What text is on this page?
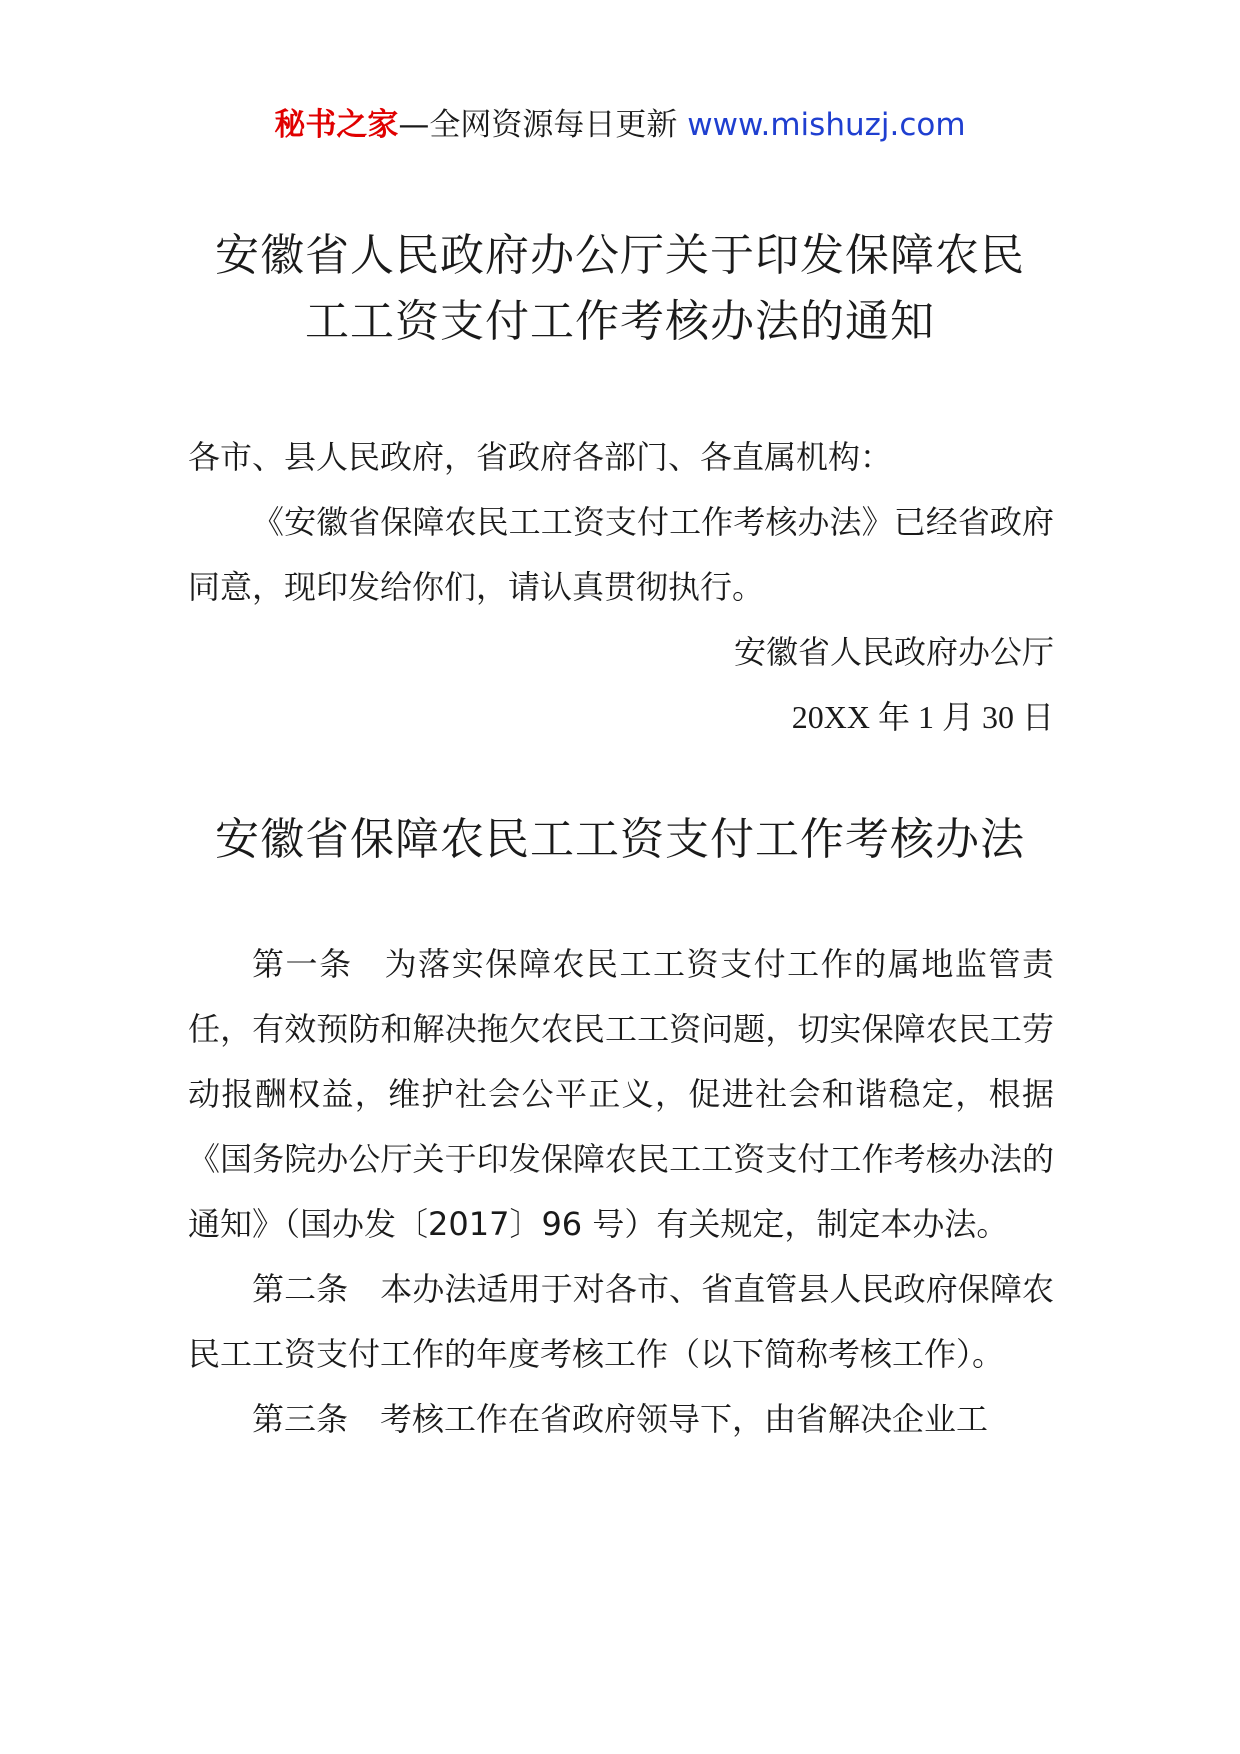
秘书之家—全网资源每日更新 www.mishuzj.com
安徽省人民政府办公厅关于印发保障农民
工工资支付工作考核办法的通知

各市、县人民政府，省政府各部门、各直属机构：

《安徽省保障农民工工资支付工作考核办法》已经省政府同意，现印发给你们，请认真贯彻执行。

安徽省人民政府办公厅
20XX 年 1 月 30 日
安徽省保障农民工工资支付工作考核办法

第一条 为落实保障农民工工资支付工作的属地监管责任，有效预防和解决拖欠农民工工资问题，切实保障农民工劳动报酬权益，维护社会公平正义，促进社会和谐稳定，根据《国务院办公厅关于印发保障农民工工资支付工作考核办法的通知》（国办发〔2017〕96 号）有关规定，制定本办法。

第二条 本办法适用于对各市、省直管县人民政府保障农民工工资支付工作的年度考核工作（以下简称考核工作）。

第三条 考核工作在省政府领导下，由省解决企业工
